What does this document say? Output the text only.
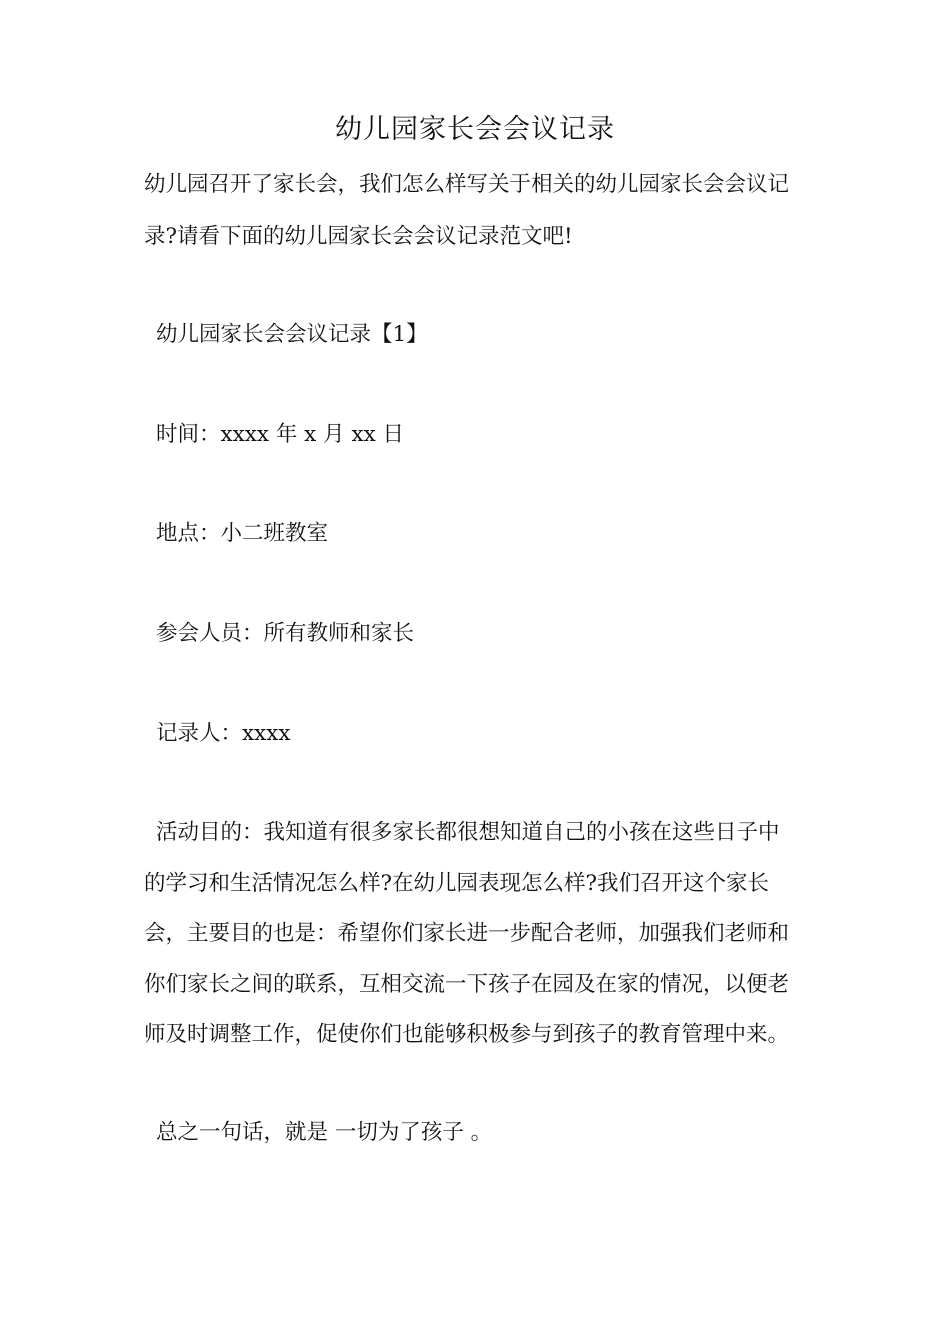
幼儿园家长会会议记录
幼儿园召开了家长会，我们怎么样写关于相关的幼儿园家长会会议记
录?请看下面的幼儿园家长会会议记录范文吧!
幼儿园家长会会议记录【1】
时间：xxxx 年 x 月 xx 日
地点：小二班教室
参会人员：所有教师和家长
记录人：xxxx
活动目的：我知道有很多家长都很想知道自己的小孩在这些日子中
的学习和生活情况怎么样?在幼儿园表现怎么样?我们召开这个家长
会，主要目的也是：希望你们家长进一步配合老师，加强我们老师和
你们家长之间的联系，互相交流一下孩子在园及在家的情况，以便老
师及时调整工作，促使你们也能够积极参与到孩子的教育管理中来。
总之一句话，就是 一切为了孩子 。
